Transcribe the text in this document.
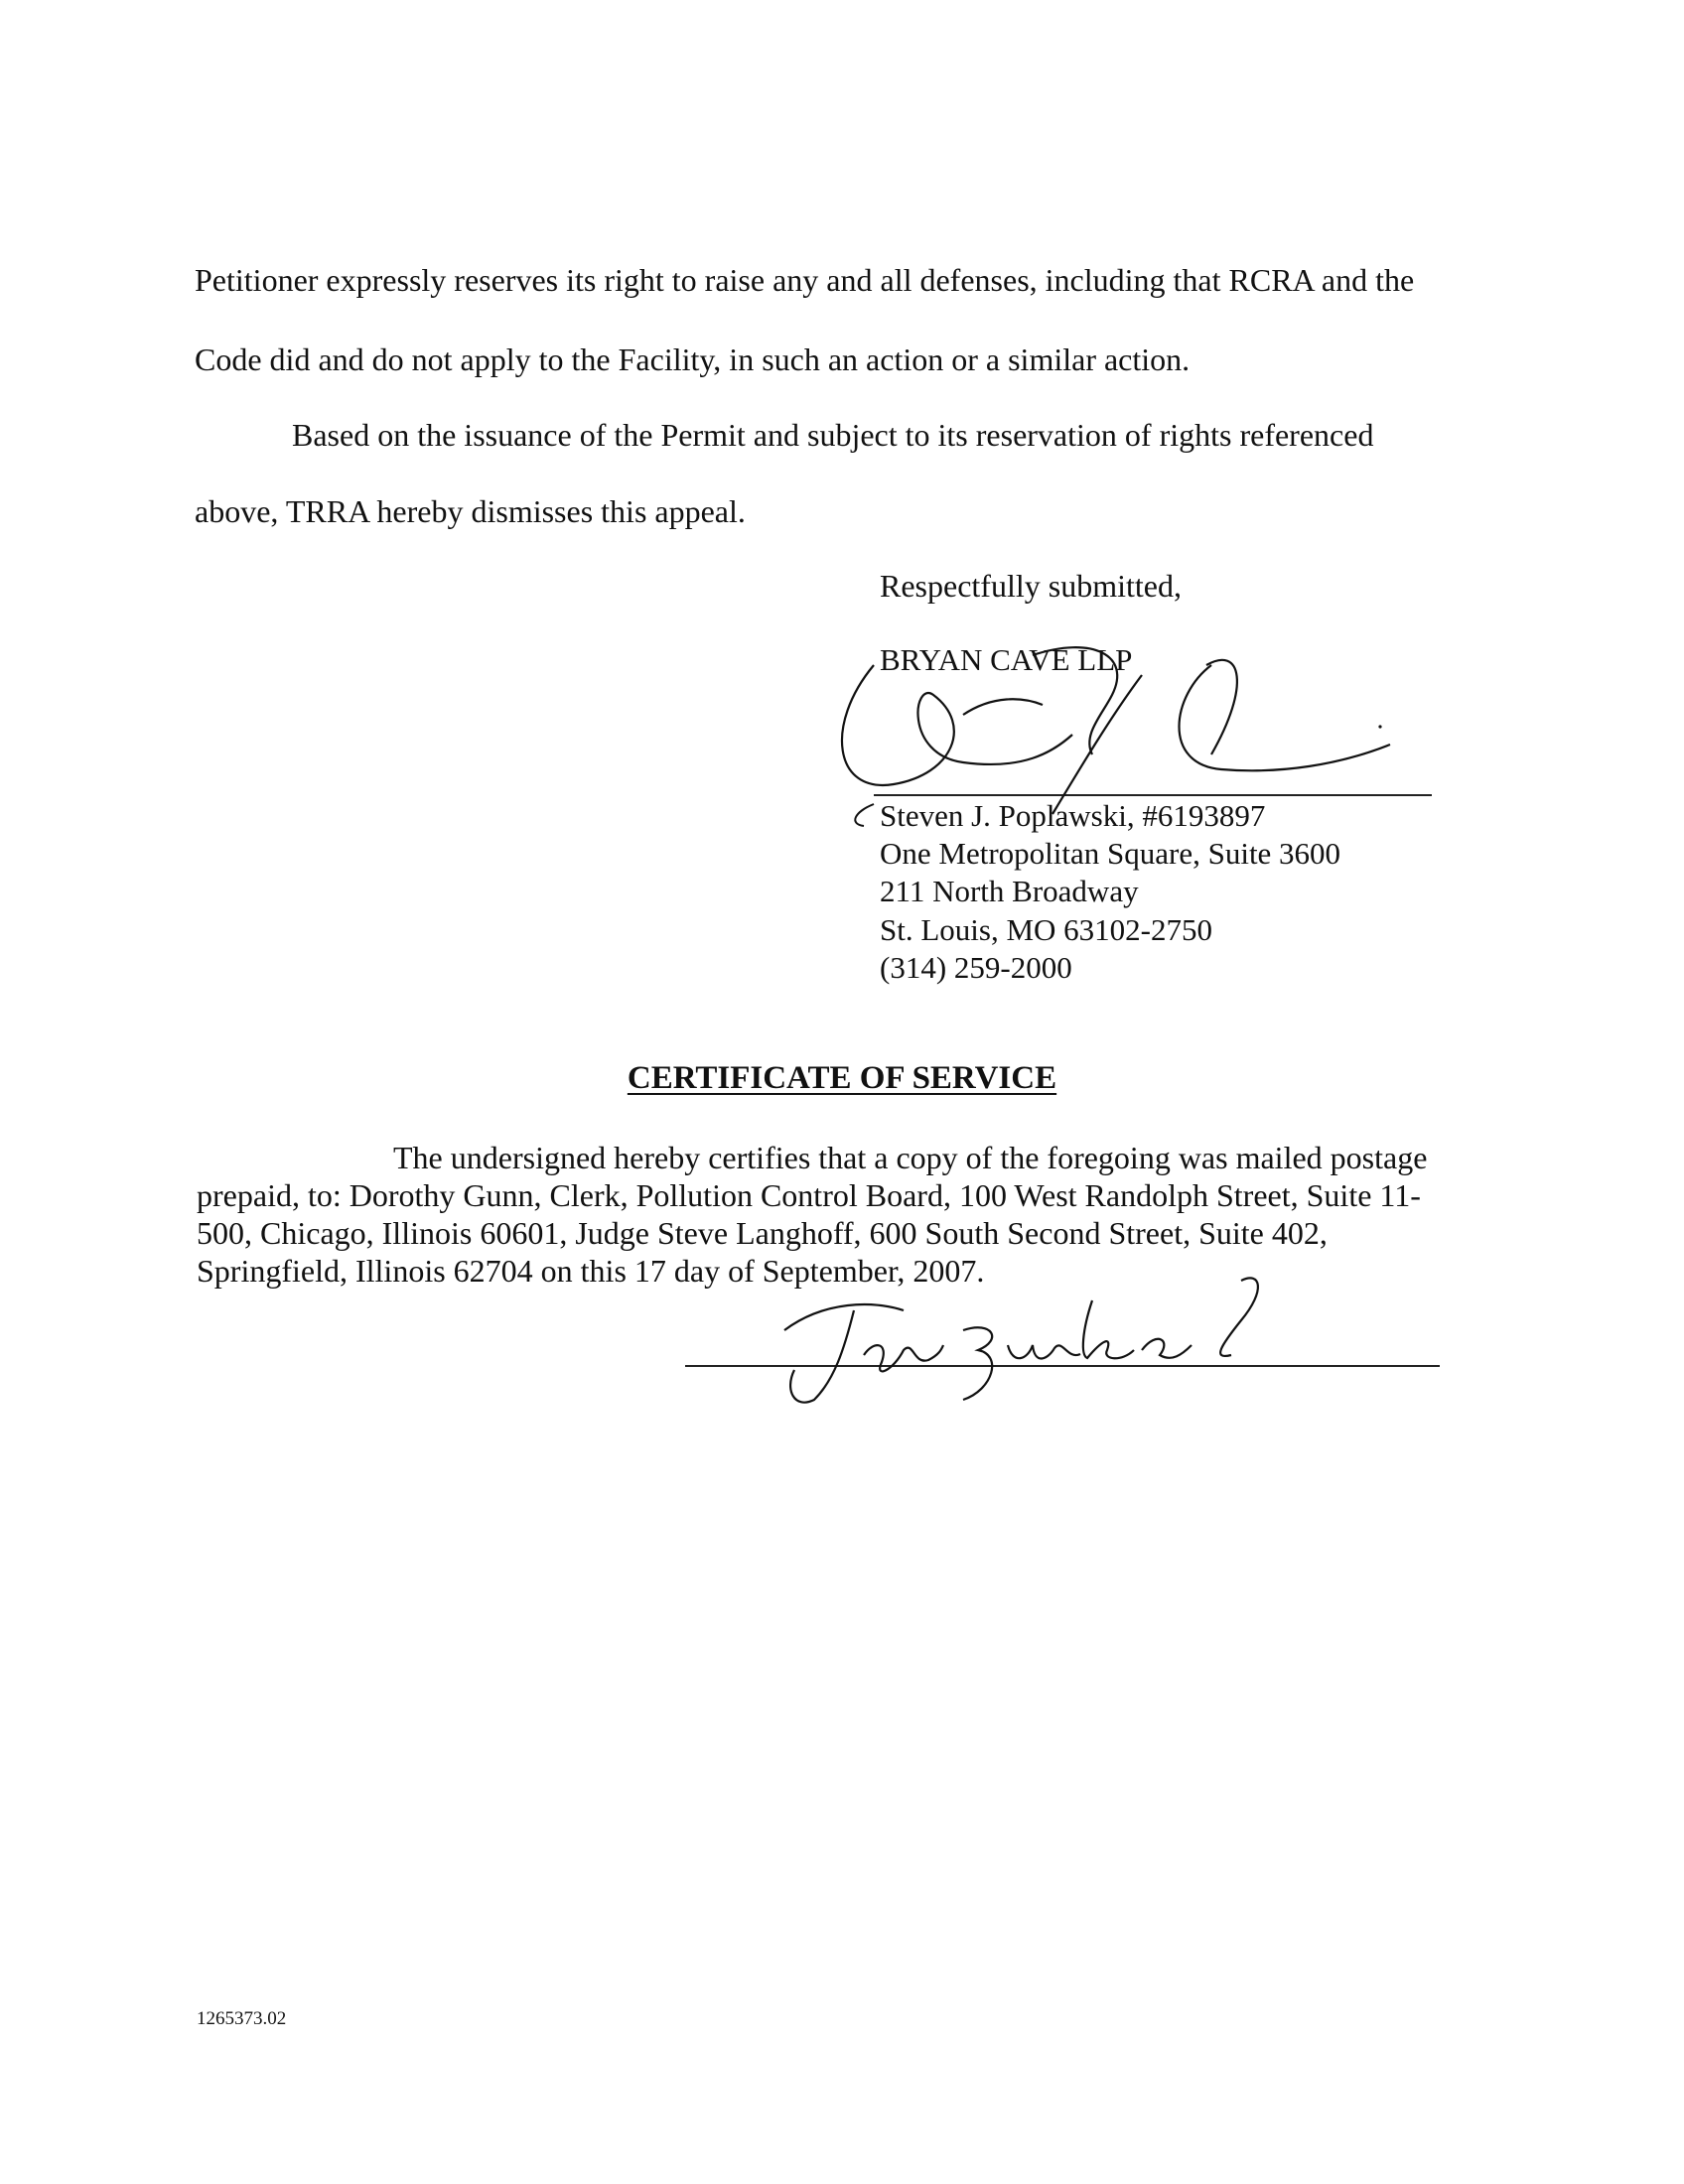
Petitioner expressly reserves its right to raise any and all defenses, including that RCRA and the
Code did and do not apply to the Facility, in such an action or a similar action.
Based on the issuance of the Permit and subject to its reservation of rights referenced
above, TRRA hereby dismisses this appeal.
Respectfully submitted,
BRYAN CAVE LLP
Steven J. Poplawski, #6193897
One Metropolitan Square, Suite 3600
211 North Broadway
St. Louis, MO 63102-2750
(314) 259-2000
CERTIFICATE OF SERVICE
The undersigned hereby certifies that a copy of the foregoing was mailed postage
prepaid, to: Dorothy Gunn, Clerk, Pollution Control Board, 100 West Randolph Street, Suite 11-
500, Chicago, Illinois 60601, Judge Steve Langhoff, 600 South Second Street, Suite 402,
Springfield, Illinois 62704 on this 17 day of September, 2007.
1265373.02
